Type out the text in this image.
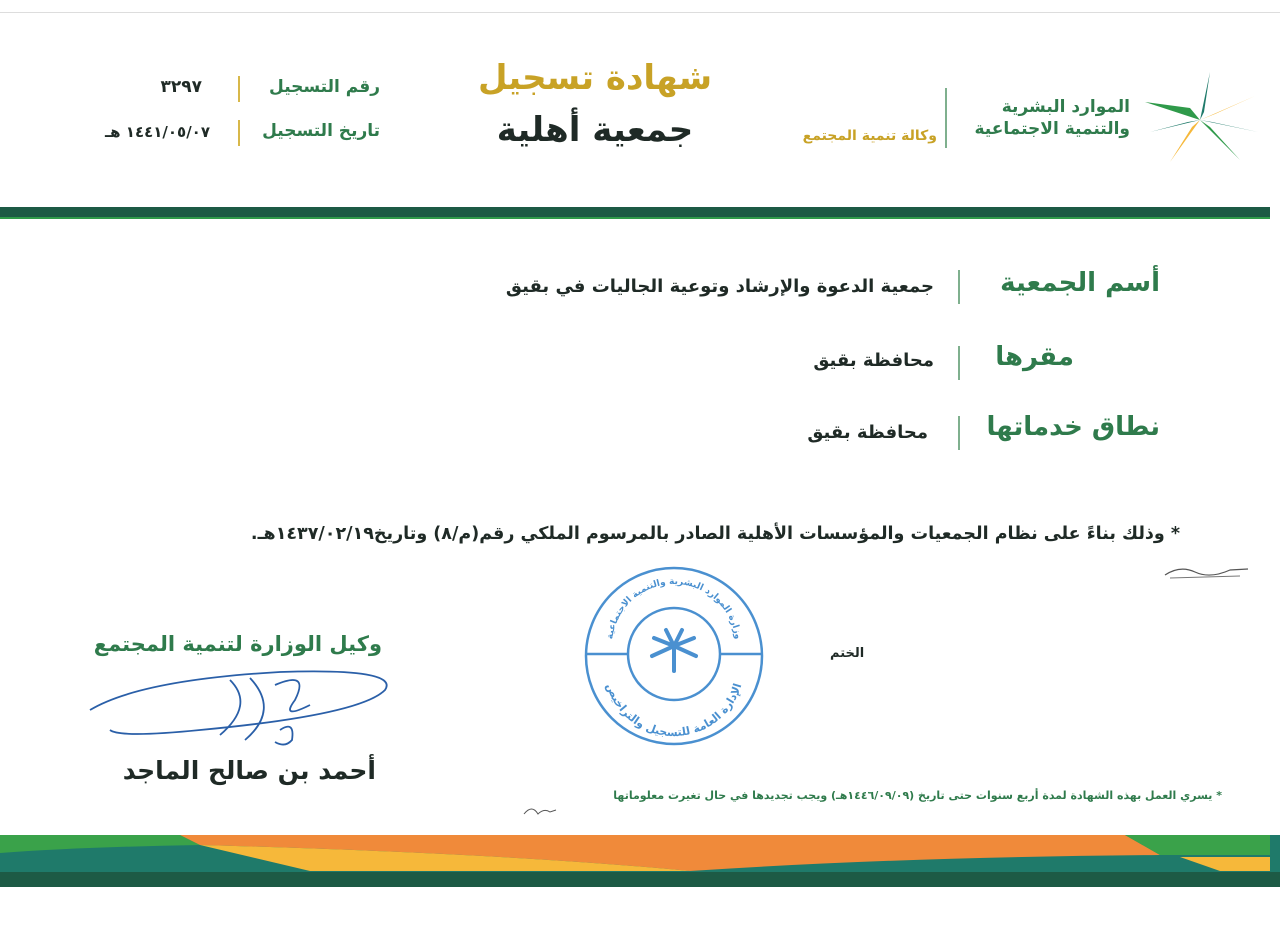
الموارد البشرية
والتنمية الاجتماعية
وكالة تنمية المجتمع
شهادة تسجيل
جمعية أهلية
رقم التسجيل
٣٢٩٧
تاريخ التسجيل
١٤٤١/٠٥/٠٧ هـ
أسم الجمعية
جمعية الدعوة والإرشاد وتوعية الجاليات في بقيق
مقرها
محافظة بقيق
نطاق خدماتها
محافظة بقيق
* وذلك بناءً على نظام الجمعيات والمؤسسات الأهلية الصادر بالمرسوم الملكي رقم(م/٨) وتاريخ١٤٣٧/٠٢/١٩هـ.
وزارة الموارد البشرية والتنمية الاجتماعية
الإدارة العامة للتسجيل والتراخيص
الختم
وكيل الوزارة لتنمية المجتمع
أحمد بن صالح الماجد
* يسري العمل بهذه الشهادة لمدة أربع سنوات حتى تاريخ (١٤٤٦/٠٩/٠٩هـ) ويجب تجديدها في حال تغيرت معلوماتها
